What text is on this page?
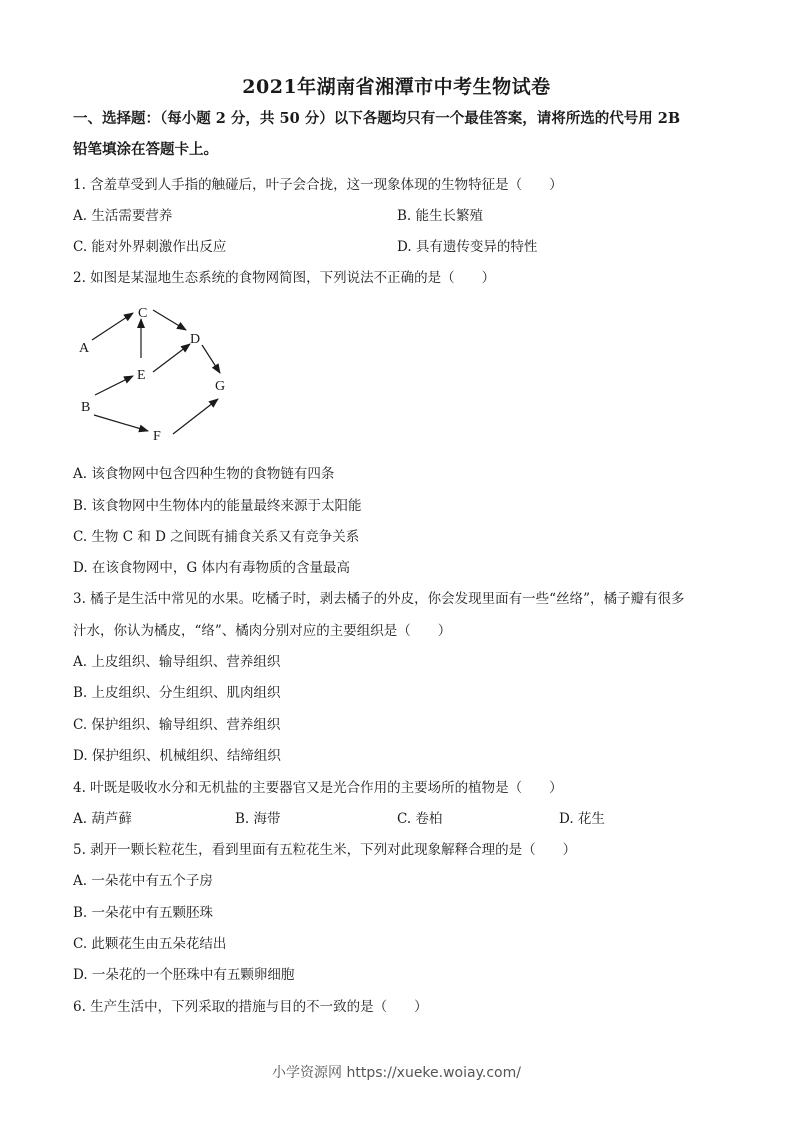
2021年湖南省湘潭市中考生物试卷
一、选择题：（每小题 2 分，共 50 分）以下各题均只有一个最佳答案，请将所选的代号用 2B
铅笔填涂在答题卡上。
1. 含羞草受到人手指的触碰后，叶子会合拢，这一现象体现的生物特征是（　　）
A. 生活需要营养	B. 能生长繁殖
C. 能对外界刺激作出反应	D. 具有遗传变异的特性
2. 如图是某湿地生态系统的食物网简图，下列说法不正确的是（　　）
A
B
C
D
E
F
G
A. 该食物网中包含四种生物的食物链有四条
B. 该食物网中生物体内的能量最终来源于太阳能
C. 生物 C 和 D 之间既有捕食关系又有竞争关系
D. 在该食物网中，G 体内有毒物质的含量最高
3. 橘子是生活中常见的水果。吃橘子时，剥去橘子的外皮，你会发现里面有一些“丝络”，橘子瓣有很多
汁水，你认为橘皮，“络”、橘肉分别对应的主要组织是（　　）
A. 上皮组织、输导组织、营养组织
B. 上皮组织、分生组织、肌肉组织
C. 保护组织、输导组织、营养组织
D. 保护组织、机械组织、结缔组织
4. 叶既是吸收水分和无机盐的主要器官又是光合作用的主要场所的植物是（　　）
A. 葫芦藓	B. 海带	C. 卷柏	D. 花生
5. 剥开一颗长粒花生，看到里面有五粒花生米，下列对此现象解释合理的是（　　）
A. 一朵花中有五个子房
B. 一朵花中有五颗胚珠
C. 此颗花生由五朵花结出
D. 一朵花的一个胚珠中有五颗卵细胞
6. 生产生活中，下列采取的措施与目的不一致的是（　　）
小学资源网 https://xueke.woiay.com/
